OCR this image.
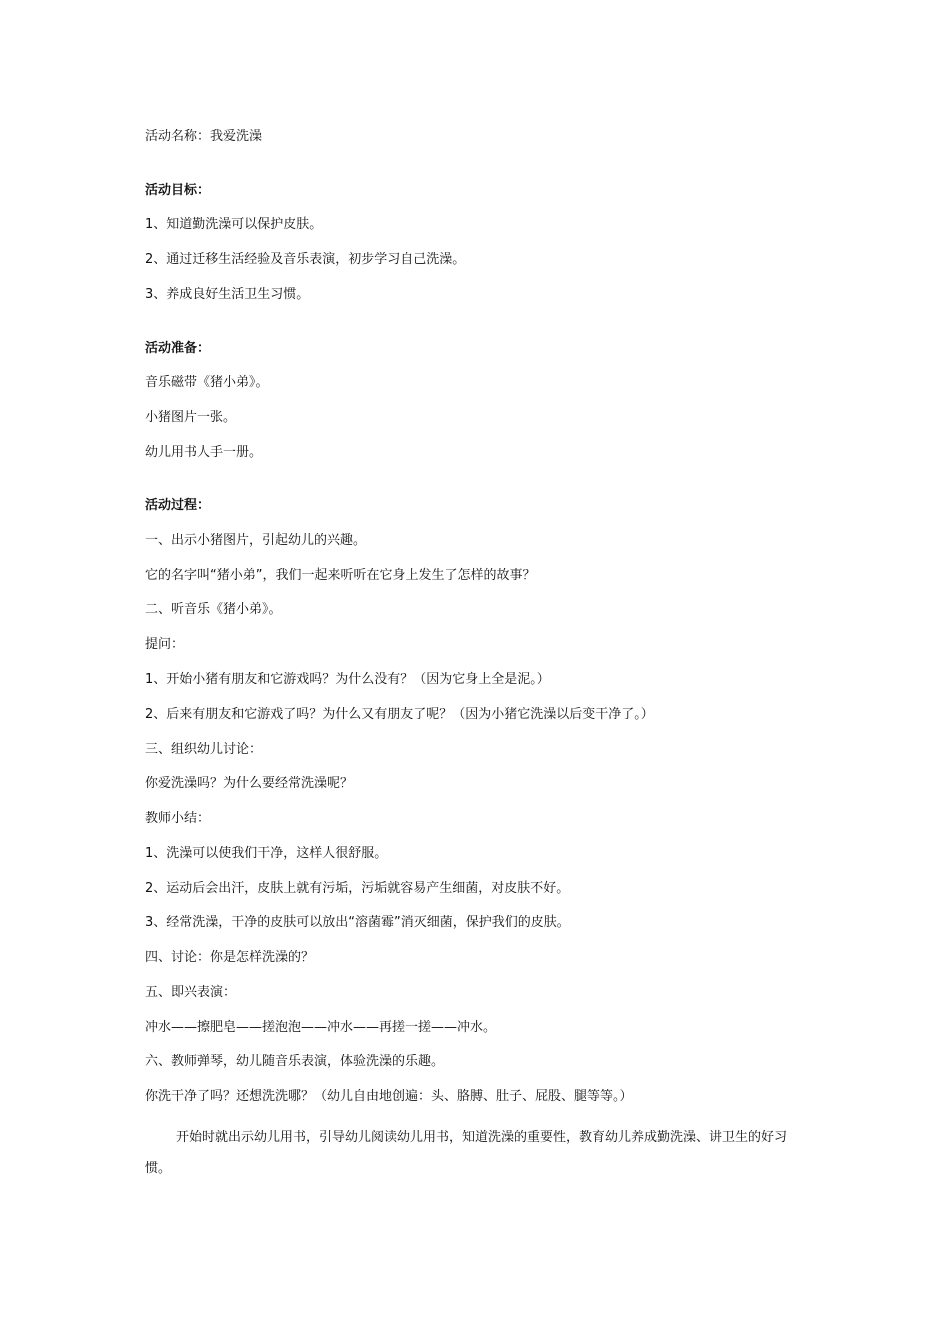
活动名称：我爱洗澡
活动目标：
1、知道勤洗澡可以保护皮肤。
2、通过迁移生活经验及音乐表演，初步学习自己洗澡。
3、养成良好生活卫生习惯。
活动准备：
音乐磁带《猪小弟》。
小猪图片一张。
幼儿用书人手一册。
活动过程：
一、出示小猪图片，引起幼儿的兴趣。
它的名字叫“猪小弟”，我们一起来听听在它身上发生了怎样的故事？
二、听音乐《猪小弟》。
提问：
1、开始小猪有朋友和它游戏吗？为什么没有？（因为它身上全是泥。）
2、后来有朋友和它游戏了吗？为什么又有朋友了呢？（因为小猪它洗澡以后变干净了。）
三、组织幼儿讨论：
你爱洗澡吗？为什么要经常洗澡呢？
教师小结：
1、洗澡可以使我们干净，这样人很舒服。
2、运动后会出汗，皮肤上就有污垢，污垢就容易产生细菌，对皮肤不好。
3、经常洗澡，干净的皮肤可以放出“溶菌霉”消灭细菌，保护我们的皮肤。
四、讨论：你是怎样洗澡的？
五、即兴表演：
冲水——擦肥皂——搓泡泡——冲水——再搓一搓——冲水。
六、教师弹琴，幼儿随音乐表演，体验洗澡的乐趣。
你洗干净了吗？还想洗洗哪？（幼儿自由地创遍：头、胳膊、肚子、屁股、腿等等。）
开始时就出示幼儿用书，引导幼儿阅读幼儿用书，知道洗澡的重要性，教育幼儿养成勤洗澡、讲卫生的好习惯。
